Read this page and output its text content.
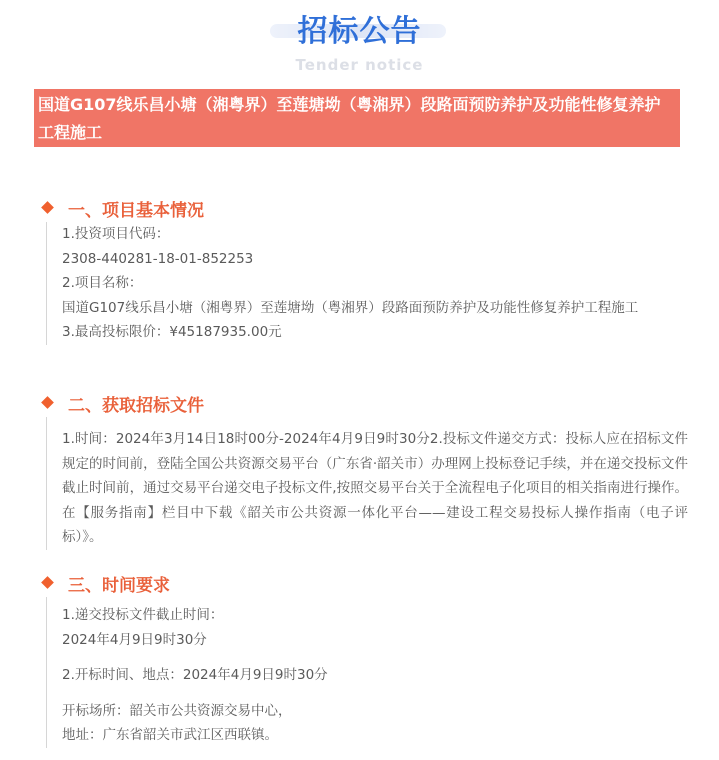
招标公告
Tender notice
国道G107线乐昌小塘（湘粤界）至莲塘坳（粤湘界）段路面预防养护及功能性修复养护工程施工
一、项目基本情况

1.投资项目代码：

2308-440281-18-01-852253

2.项目名称：

国道G107线乐昌小塘（湘粤界）至莲塘坳（粤湘界）段路面预防养护及功能性修复养护工程施工

3.最高投标限价：¥45187935.00元

二、获取招标文件

1.时间：2024年3月14日18时00分-2024年4月9日9时30分2.投标文件递交方式：投标人应在招标文件规定的时间前，登陆全国公共资源交易平台（广东省·韶关市）办理网上投标登记手续，并在递交投标文件截止时间前，通过交易平台递交电子投标文件,按照交易平台关于全流程电子化项目的相关指南进行操作。在【服务指南】栏目中下载《韶关市公共资源一体化平台——建设工程交易投标人操作指南（电子评标）》。

三、时间要求

1.递交投标文件截止时间：

2024年4月9日9时30分

2.开标时间、地点：2024年4月9日9时30分

开标场所：韶关市公共资源交易中心，

地址：广东省韶关市武江区西联镇。
